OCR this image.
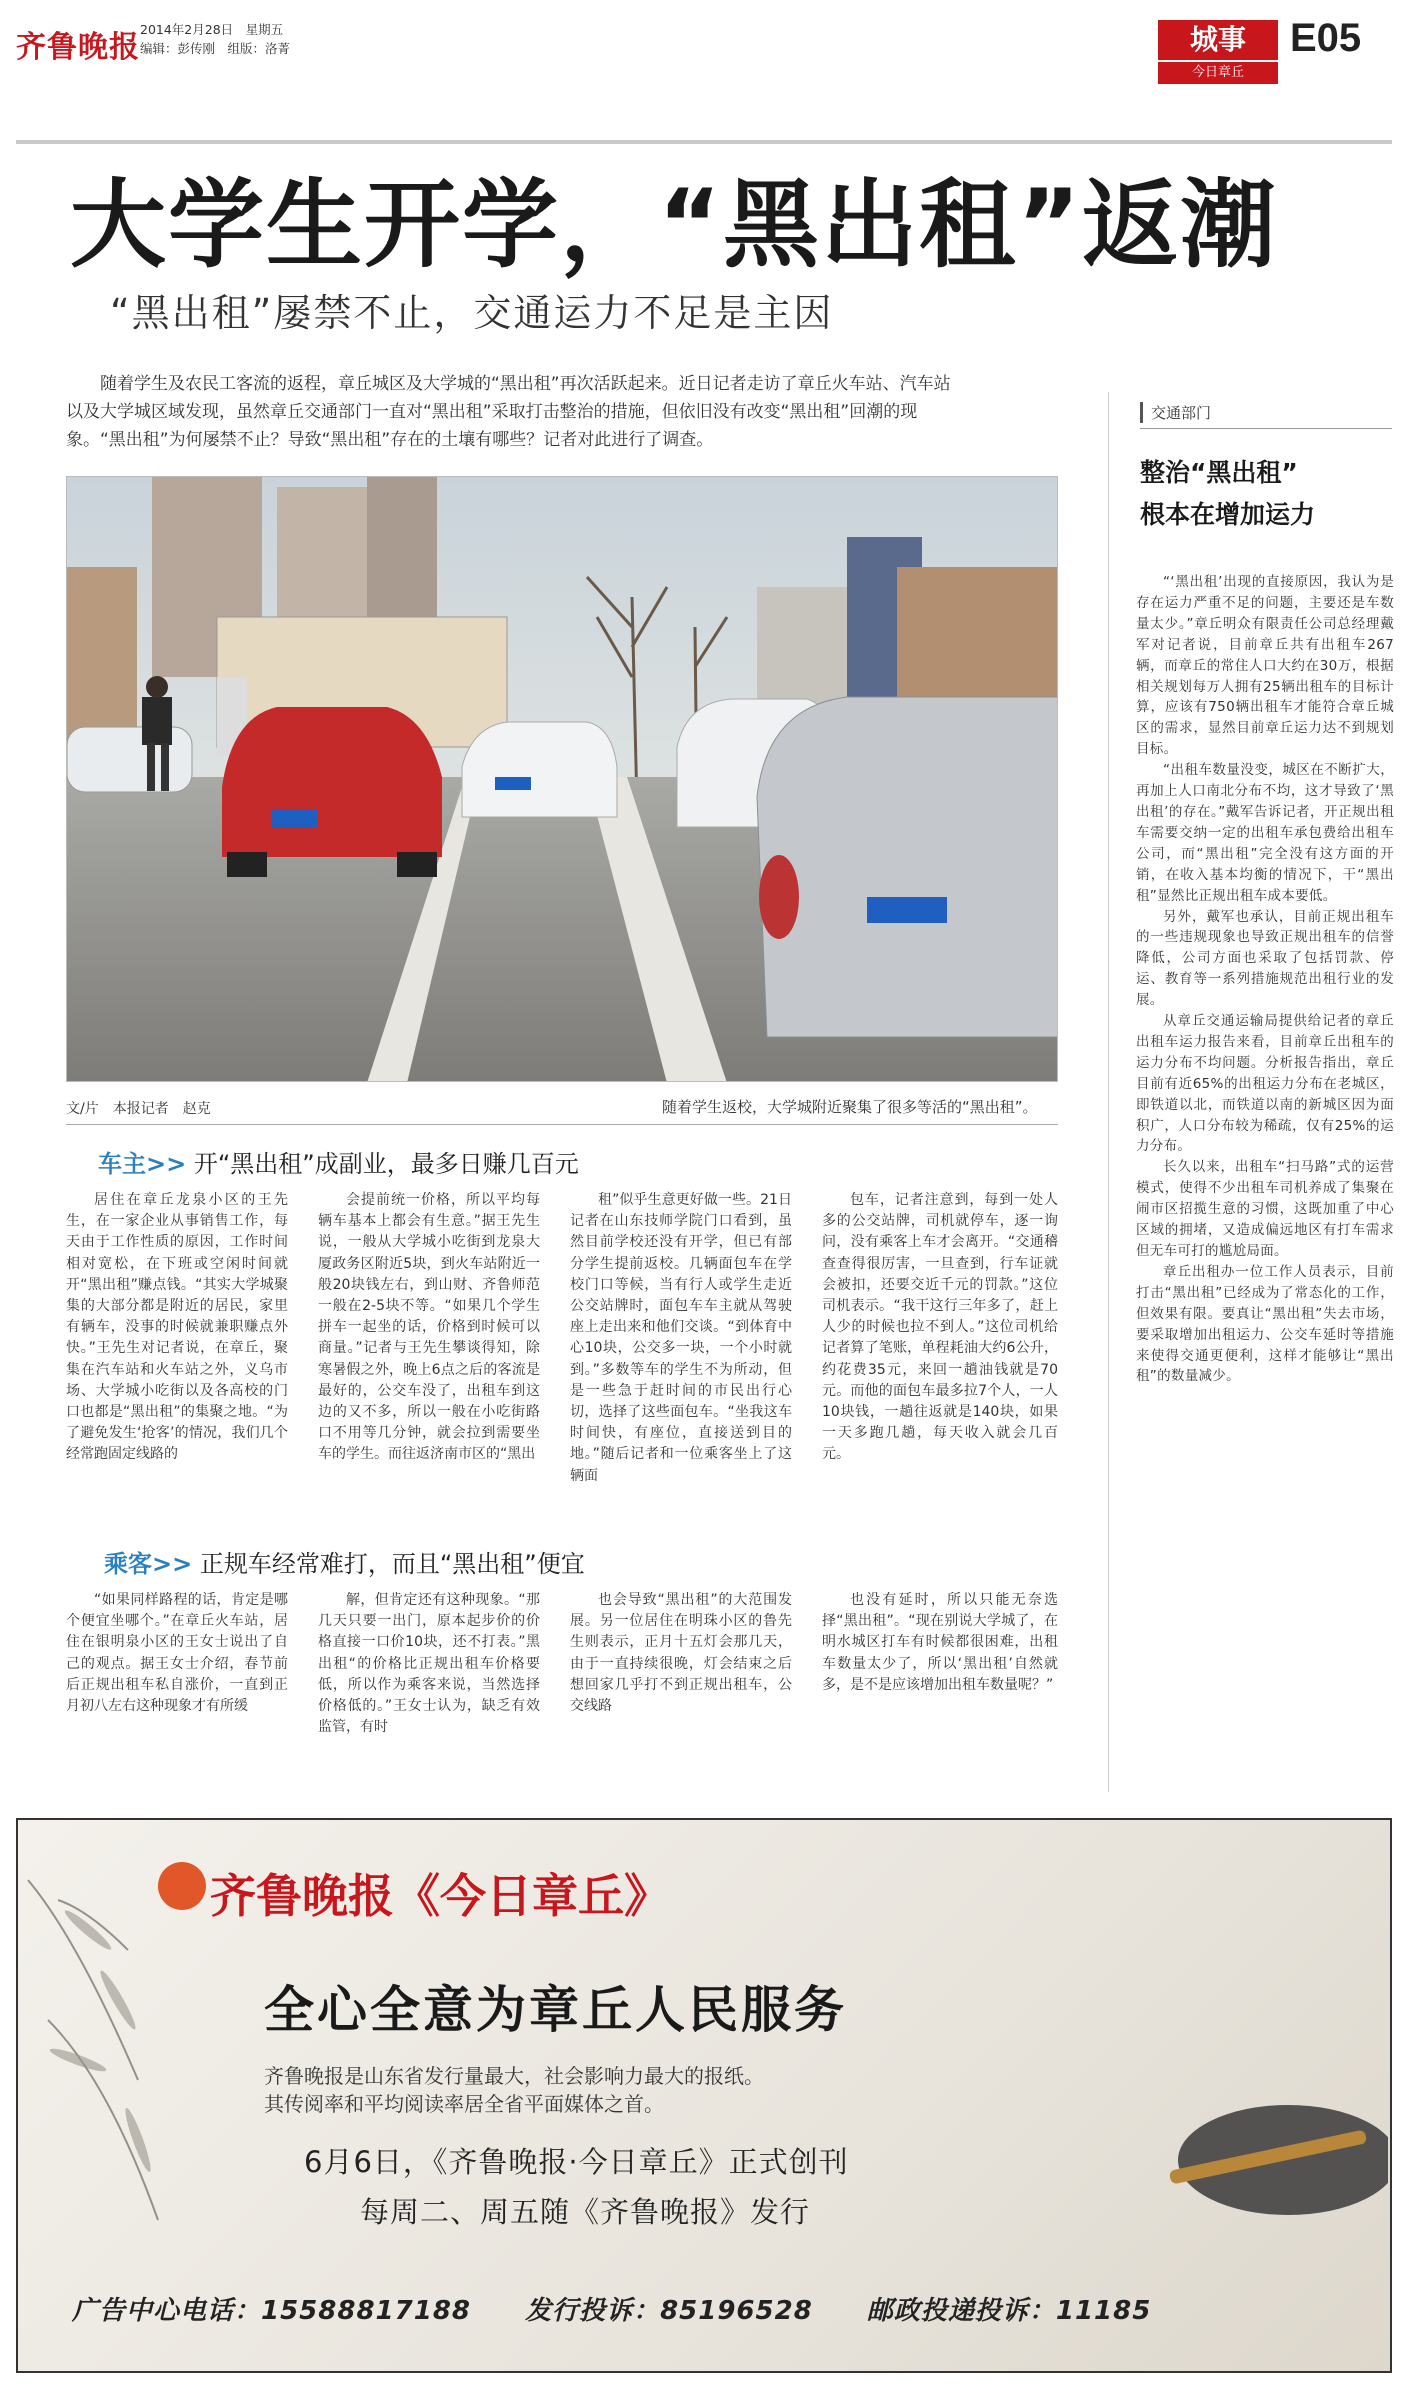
齐鲁晚报
2014年2月28日　星期五
编辑：彭传刚　组版：洛菁	城事
今日章丘
E05
大学生开学，“黑出租”返潮
“黑出租”屡禁不止，交通运力不足是主因
随着学生及农民工客流的返程，章丘城区及大学城的“黑出租”再次活跃起来。近日记者走访了章丘火车站、汽车站以及大学城区域发现，虽然章丘交通部门一直对“黑出租”采取打击整治的措施，但依旧没有改变“黑出租”回潮的现象。“黑出租”为何屡禁不止？导致“黑出租”存在的土壤有哪些？记者对此进行了调查。
随着学生返校，大学城附近聚集了很多等活的“黑出租”。
文/片　本报记者　赵克
车主>> 开“黑出租”成副业，最多日赚几百元

居住在章丘龙泉小区的王先生，在一家企业从事销售工作，每天由于工作性质的原因，工作时间相对宽松，在下班或空闲时间就开“黑出租”赚点钱。“其实大学城聚集的大部分都是附近的居民，家里有辆车，没事的时候就兼职赚点外快。”王先生对记者说，在章丘，聚集在汽车站和火车站之外，义乌市场、大学城小吃街以及各高校的门口也都是“黑出租”的集聚之地。“为了避免发生‘抢客’的情况，我们几个经常跑固定线路的

会提前统一价格，所以平均每辆车基本上都会有生意。”据王先生说，一般从大学城小吃街到龙泉大厦政务区附近5块，到火车站附近一般20块钱左右，到山财、齐鲁师范一般在2-5块不等。“如果几个学生拼车一起坐的话，价格到时候可以商量。”记者与王先生攀谈得知，除寒暑假之外，晚上6点之后的客流是最好的，公交车没了，出租车到这边的又不多，所以一般在小吃街路口不用等几分钟，就会拉到需要坐车的学生。而往返济南市区的“黑出

租”似乎生意更好做一些。21日记者在山东技师学院门口看到，虽然目前学校还没有开学，但已有部分学生提前返校。几辆面包车在学校门口等候，当有行人或学生走近公交站牌时，面包车车主就从驾驶座上走出来和他们交谈。“到体育中心10块，公交多一块，一个小时就到。”多数等车的学生不为所动，但是一些急于赶时间的市民出行心切，选择了这些面包车。“坐我这车时间快，有座位，直接送到目的地。”随后记者和一位乘客坐上了这辆面

包车，记者注意到，每到一处人多的公交站牌，司机就停车，逐一询问，没有乘客上车才会离开。“交通稽查查得很厉害，一旦查到，行车证就会被扣，还要交近千元的罚款。”这位司机表示。“我干这行三年多了，赶上人少的时候也拉不到人。”这位司机给记者算了笔账，单程耗油大约6公升，约花费35元，来回一趟油钱就是70元。而他的面包车最多拉7个人，一人10块钱，一趟往返就是140块，如果一天多跑几趟，每天收入就会几百元。

乘客>> 正规车经常难打，而且“黑出租”便宜

“如果同样路程的话，肯定是哪个便宜坐哪个。”在章丘火车站，居住在银明泉小区的王女士说出了自己的观点。据王女士介绍，春节前后正规出租车私自涨价，一直到正月初八左右这种现象才有所缓

解，但肯定还有这种现象。“那几天只要一出门，原本起步价的价格直接一口价10块，还不打表。”黑出租“的价格比正规出租车价格要低，所以作为乘客来说，当然选择价格低的。”王女士认为，缺乏有效监管，有时

也会导致“黑出租”的大范围发展。另一位居住在明珠小区的鲁先生则表示，正月十五灯会那几天，由于一直持续很晚，灯会结束之后想回家几乎打不到正规出租车，公交线路

也没有延时，所以只能无奈选择“黑出租”。“现在别说大学城了，在明水城区打车有时候都很困难，出租车数量太少了，所以‘黑出租’自然就多，是不是应该增加出租车数量呢？”

交通部门
整治“黑出租”
根本在增加运力

“‘黑出租’出现的直接原因，我认为是存在运力严重不足的问题，主要还是车数量太少。”章丘明众有限责任公司总经理戴军对记者说，目前章丘共有出租车267辆，而章丘的常住人口大约在30万，根据相关规划每万人拥有25辆出租车的目标计算，应该有750辆出租车才能符合章丘城区的需求，显然目前章丘运力达不到规划目标。

“出租车数量没变，城区在不断扩大，再加上人口南北分布不均，这才导致了‘黑出租’的存在。”戴军告诉记者，开正规出租车需要交纳一定的出租车承包费给出租车公司，而“黑出租”完全没有这方面的开销，在收入基本均衡的情况下，干“黑出租”显然比正规出租车成本要低。

另外，戴军也承认，目前正规出租车的一些违规现象也导致正规出租车的信誉降低，公司方面也采取了包括罚款、停运、教育等一系列措施规范出租行业的发展。

从章丘交通运输局提供给记者的章丘出租车运力报告来看，目前章丘出租车的运力分布不均问题。分析报告指出，章丘目前有近65%的出租运力分布在老城区，即铁道以北，而铁道以南的新城区因为面积广，人口分布较为稀疏，仅有25%的运力分布。

长久以来，出租车“扫马路”式的运营模式，使得不少出租车司机养成了集聚在闹市区招揽生意的习惯，这既加重了中心区域的拥堵，又造成偏远地区有打车需求但无车可打的尴尬局面。

章丘出租办一位工作人员表示，目前打击“黑出租”已经成为了常态化的工作，但效果有限。要真让“黑出租”失去市场，要采取增加出租运力、公交车延时等措施来使得交通更便利，这样才能够让“黑出租”的数量减少。

齐鲁晚报《今日章丘》
全心全意为章丘人民服务
齐鲁晚报是山东省发行量最大，社会影响力最大的报纸。
其传阅率和平均阅读率居全省平面媒体之首。
6月6日，《齐鲁晚报·今日章丘》正式创刊
每周二、周五随《齐鲁晚报》发行
广告中心电话：15588817188 发行投诉：85196528 邮政投递投诉：11185
